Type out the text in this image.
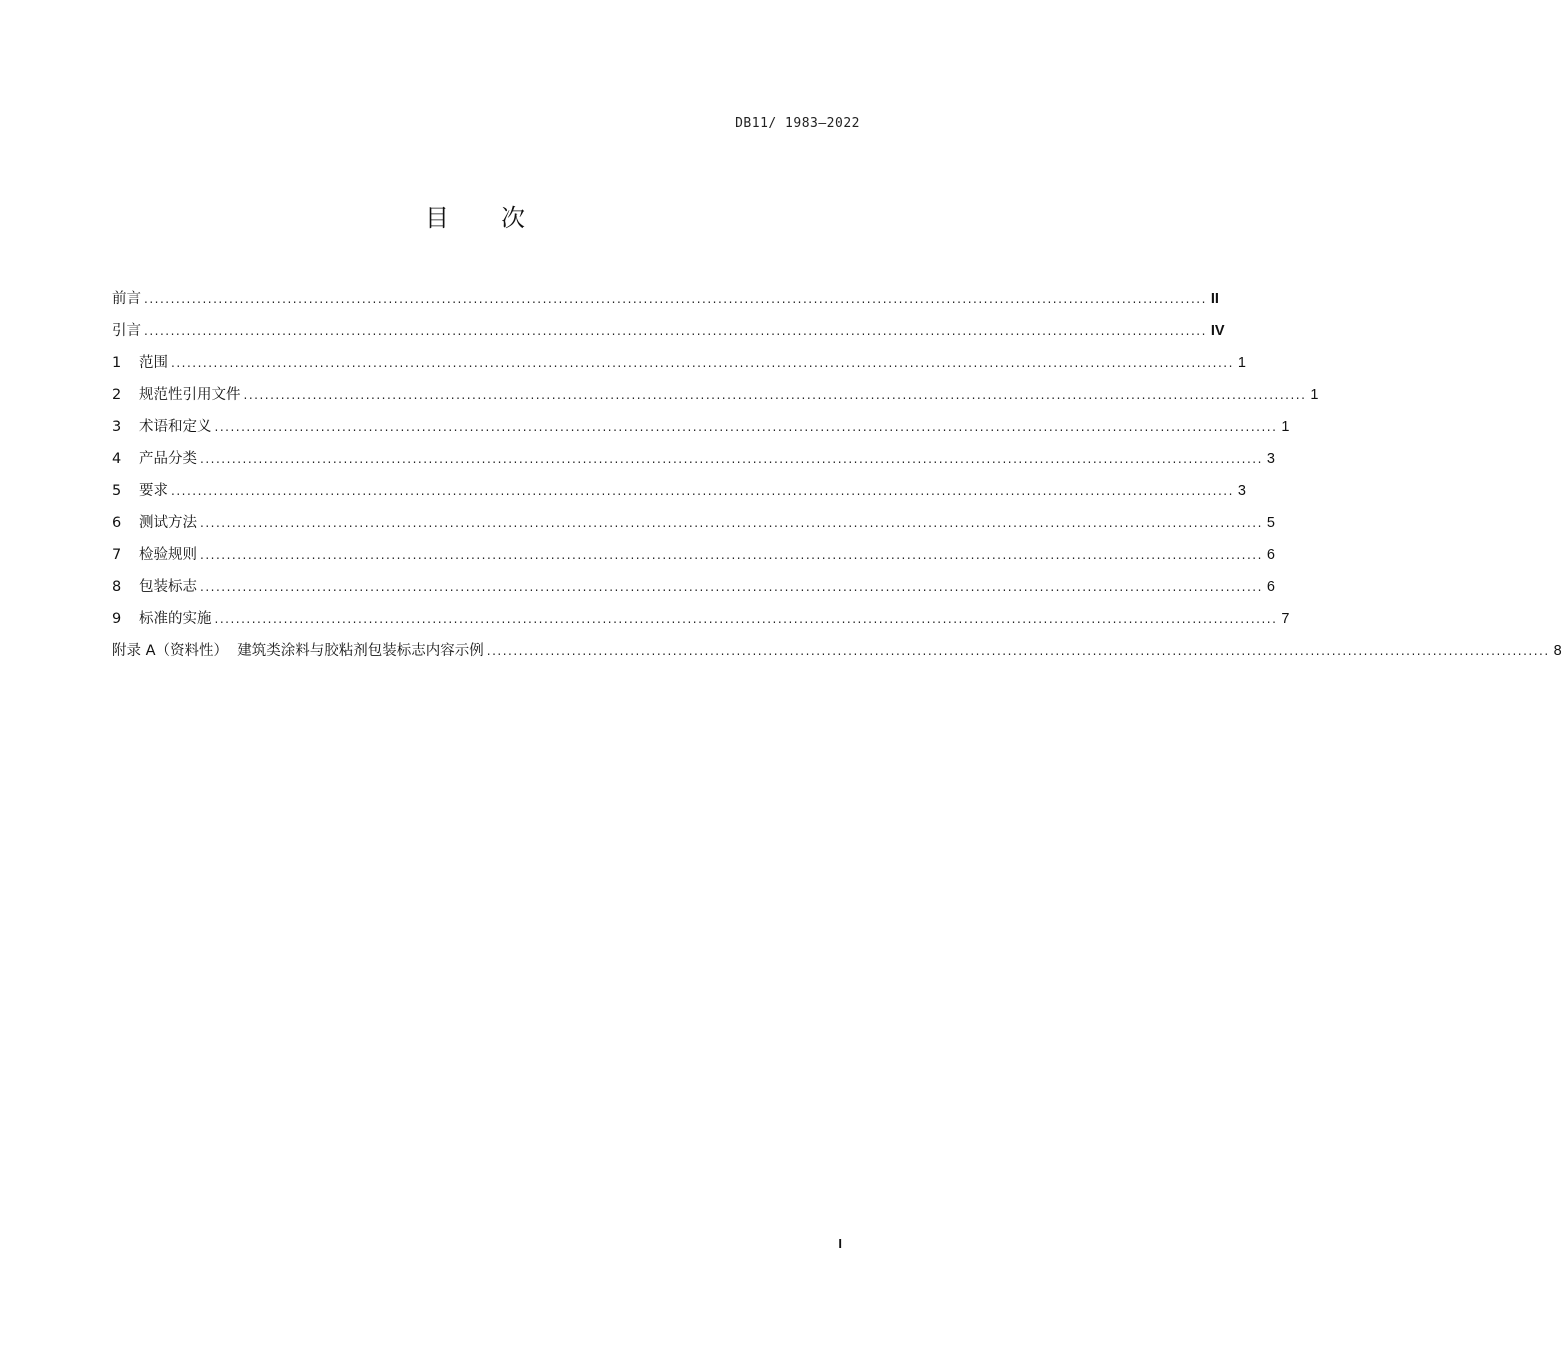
DB11/ 1983—2022
目 次
前言 ........................................................................................................................................................................................................ II
引言 ........................................................................................................................................................................................................ IV
1	范围 ........................................................................................................................................................................................................ 1
2	规范性引用文件 ........................................................................................................................................................................................................ 1
3	术语和定义 ........................................................................................................................................................................................................ 1
4	产品分类 ........................................................................................................................................................................................................ 3
5	要求 ........................................................................................................................................................................................................ 3
6	测试方法 ........................................................................................................................................................................................................ 5
7	检验规则 ........................................................................................................................................................................................................ 6
8	包装标志 ........................................................................................................................................................................................................ 6
9	标准的实施 ........................................................................................................................................................................................................ 7
附录 A（资料性）  建筑类涂料与胶粘剂包装标志内容示例 ........................................................................................................................................................................................................ 8
I
